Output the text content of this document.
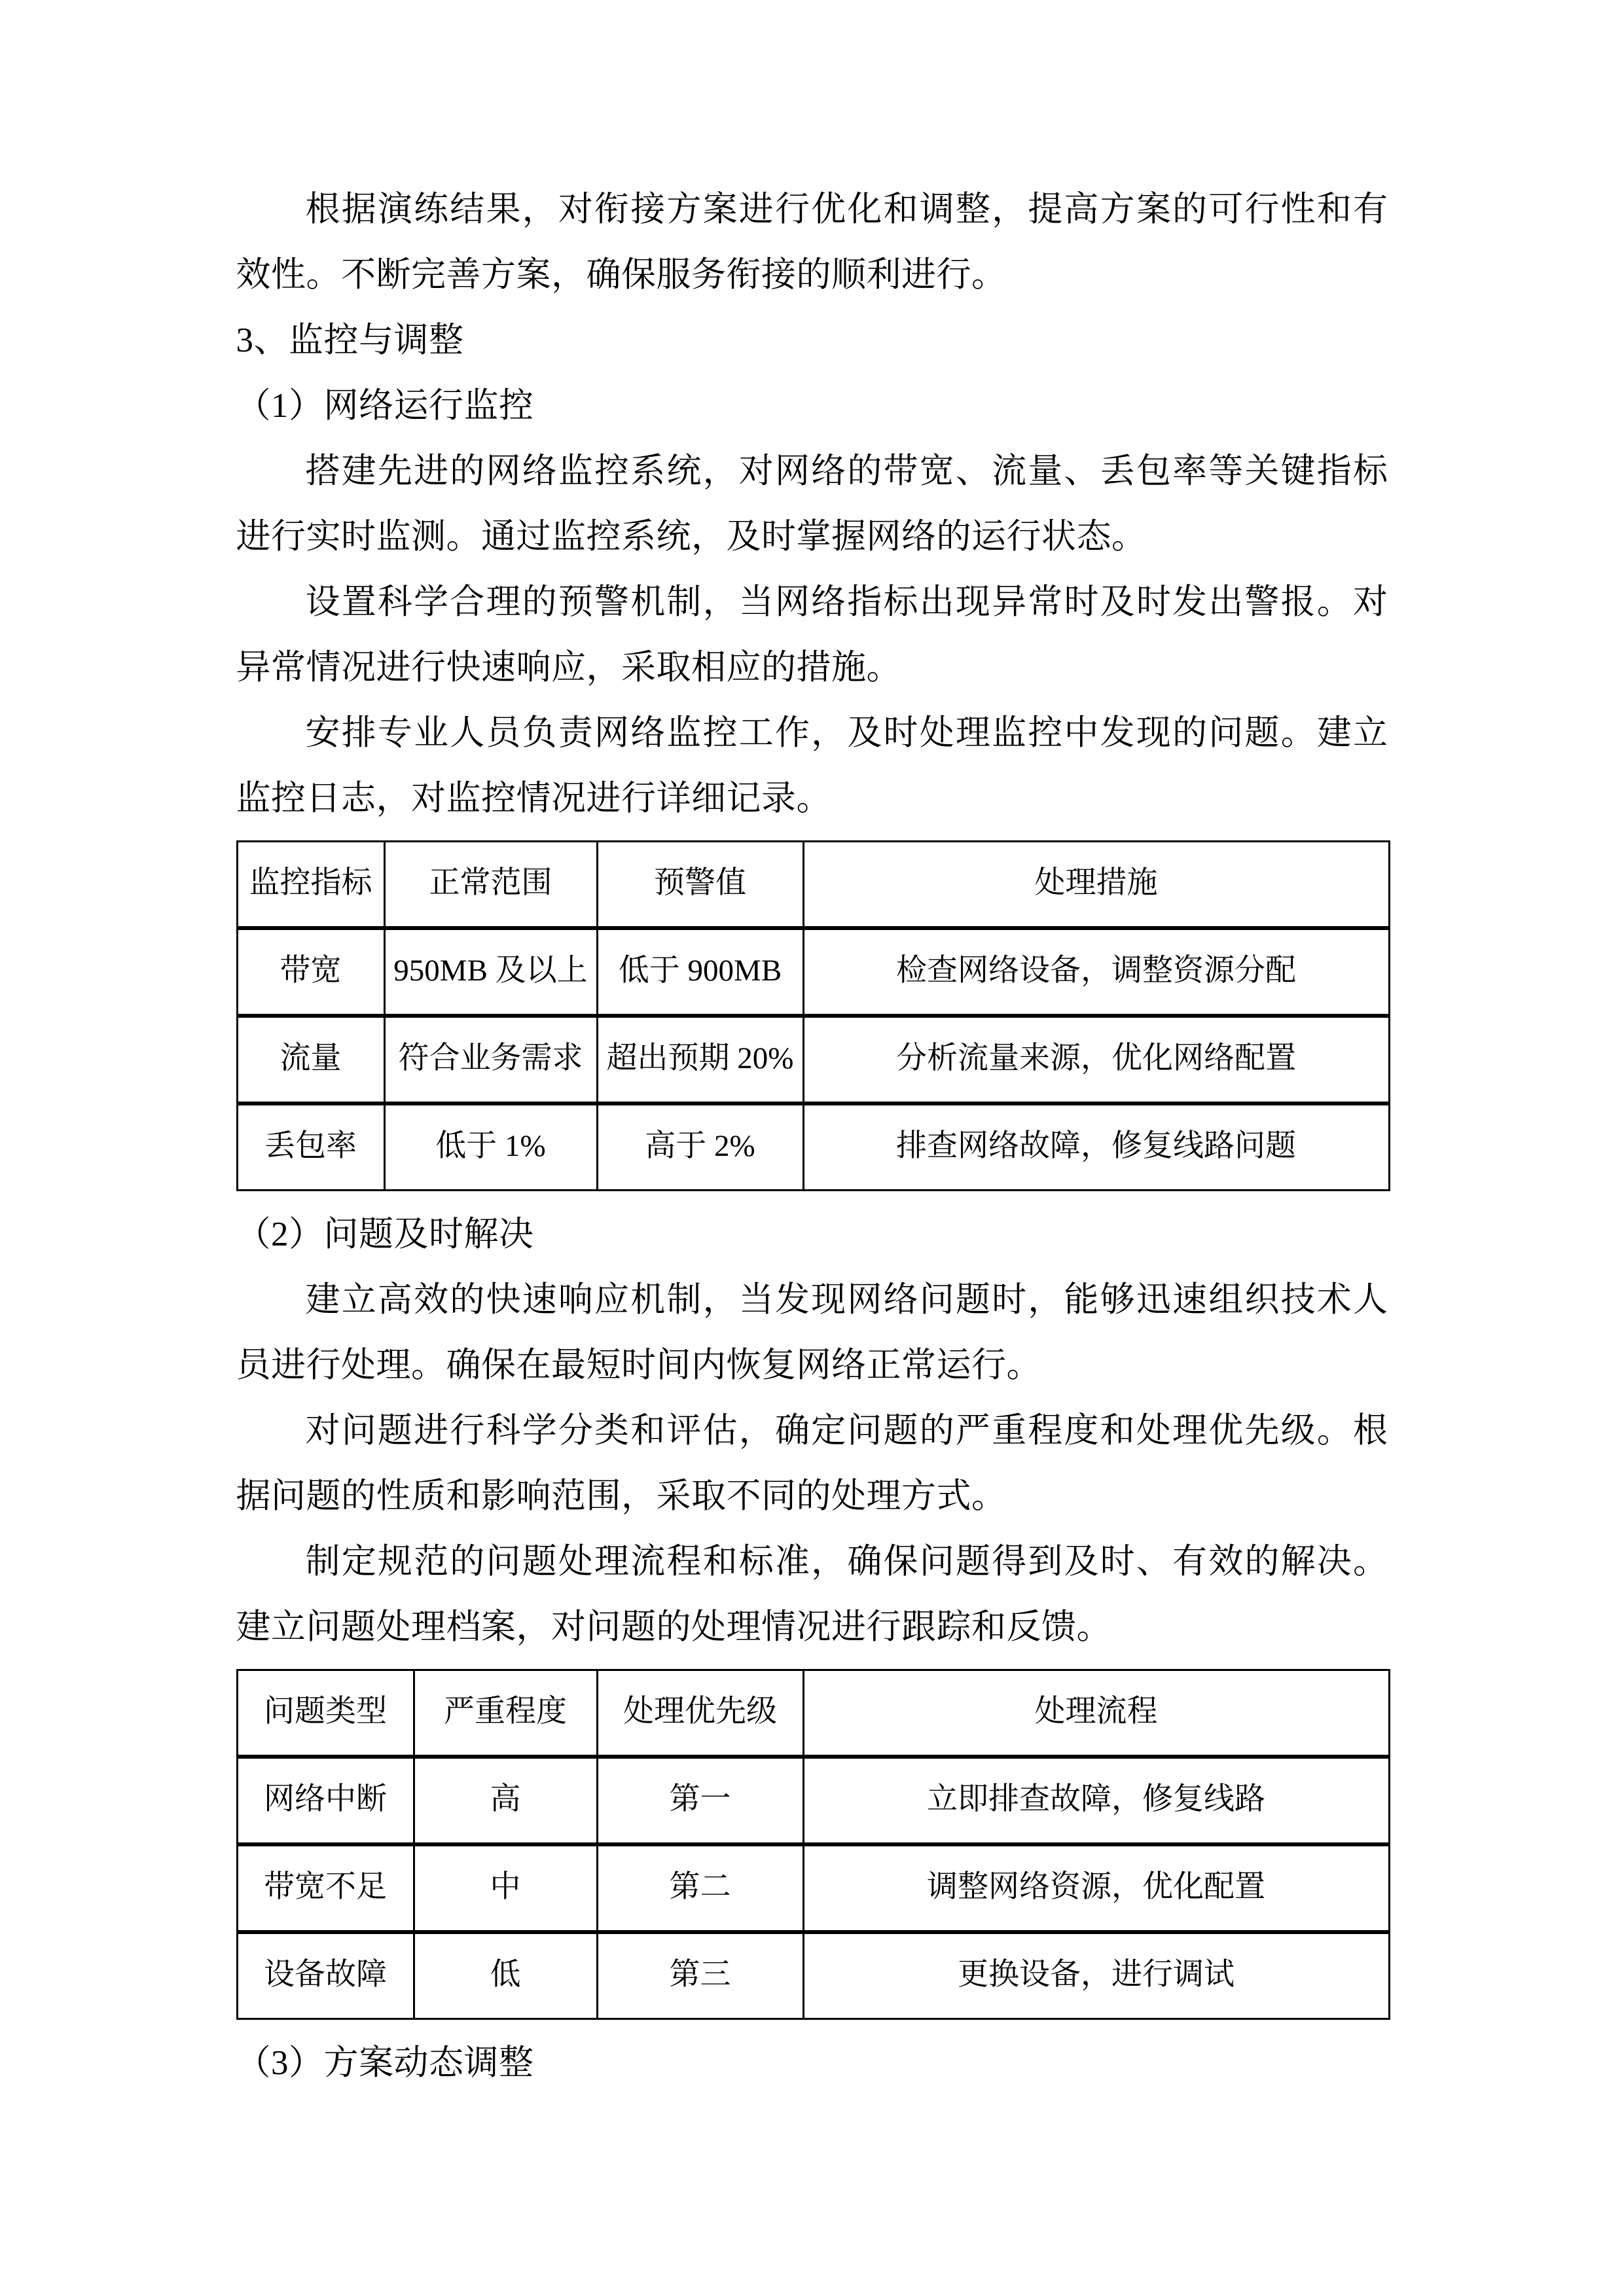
根据演练结果，对衔接方案进行优化和调整，提高方案的可行性和有效性。不断完善方案，确保服务衔接的顺利进行。

3、监控与调整

（1）网络运行监控

搭建先进的网络监控系统，对网络的带宽、流量、丢包率等关键指标进行实时监测。通过监控系统，及时掌握网络的运行状态。

设置科学合理的预警机制，当网络指标出现异常时及时发出警报。对异常情况进行快速响应，采取相应的措施。

安排专业人员负责网络监控工作，及时处理监控中发现的问题。建立监控日志，对监控情况进行详细记录。

监控指标	正常范围	预警值	处理措施
带宽	950MB 及以上	低于 900MB	检查网络设备，调整资源分配
流量	符合业务需求	超出预期 20%	分析流量来源，优化网络配置
丢包率	低于 1%	高于 2%	排查网络故障，修复线路问题

（2）问题及时解决

建立高效的快速响应机制，当发现网络问题时，能够迅速组织技术人员进行处理。确保在最短时间内恢复网络正常运行。

对问题进行科学分类和评估，确定问题的严重程度和处理优先级。根据问题的性质和影响范围，采取不同的处理方式。

制定规范的问题处理流程和标准，确保问题得到及时、有效的解决。建立问题处理档案，对问题的处理情况进行跟踪和反馈。

问题类型	严重程度	处理优先级	处理流程
网络中断	高	第一	立即排查故障，修复线路
带宽不足	中	第二	调整网络资源，优化配置
设备故障	低	第三	更换设备，进行调试

（3）方案动态调整
